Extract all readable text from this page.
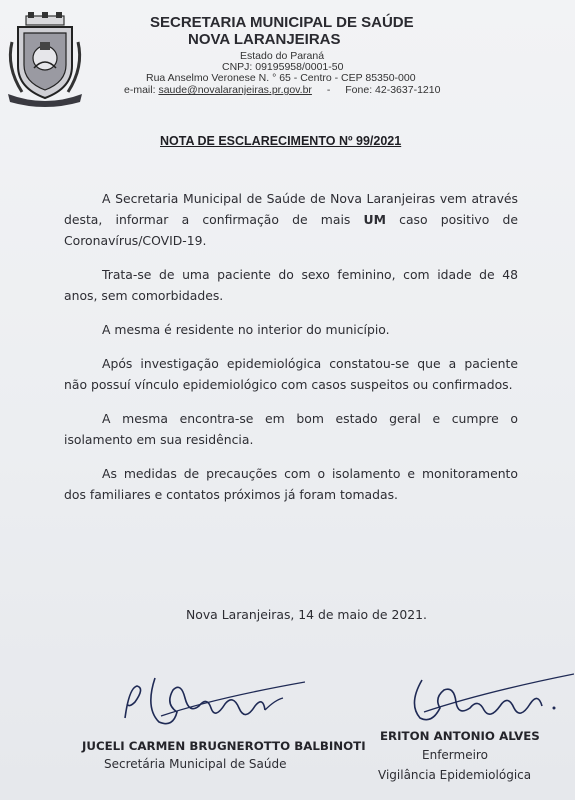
SECRETARIA MUNICIPAL DE SAÚDE
NOVA LARANJEIRAS
Estado do Paraná
CNPJ: 09195958/0001-50
Rua Anselmo Veronese N. ° 65 - Centro - CEP 85350-000
e-mail: saude@novalaranjeiras.pr.gov.br - Fone: 42-3637-1210
NOTA DE ESCLARECIMENTO Nº 99/2021

A Secretaria Municipal de Saúde de Nova Laranjeiras vem através desta, informar a confirmação de mais UM caso positivo de Coronavírus/COVID-19.

Trata-se de uma paciente do sexo feminino, com idade de 48 anos, sem comorbidades.

A mesma é residente no interior do município.

Após investigação epidemiológica constatou-se que a paciente não possuí vínculo epidemiológico com casos suspeitos ou confirmados.

A mesma encontra-se em bom estado geral e cumpre o isolamento em sua residência.

As medidas de precauções com o isolamento e monitoramento dos familiares e contatos próximos já foram tomadas.

Nova Laranjeiras, 14 de maio de 2021.
JUCELI CARMEN BRUGNEROTTO BALBINOTI
Secretária Municipal de Saúde
ERITON ANTONIO ALVES
Enfermeiro
Vigilância Epidemiológica
